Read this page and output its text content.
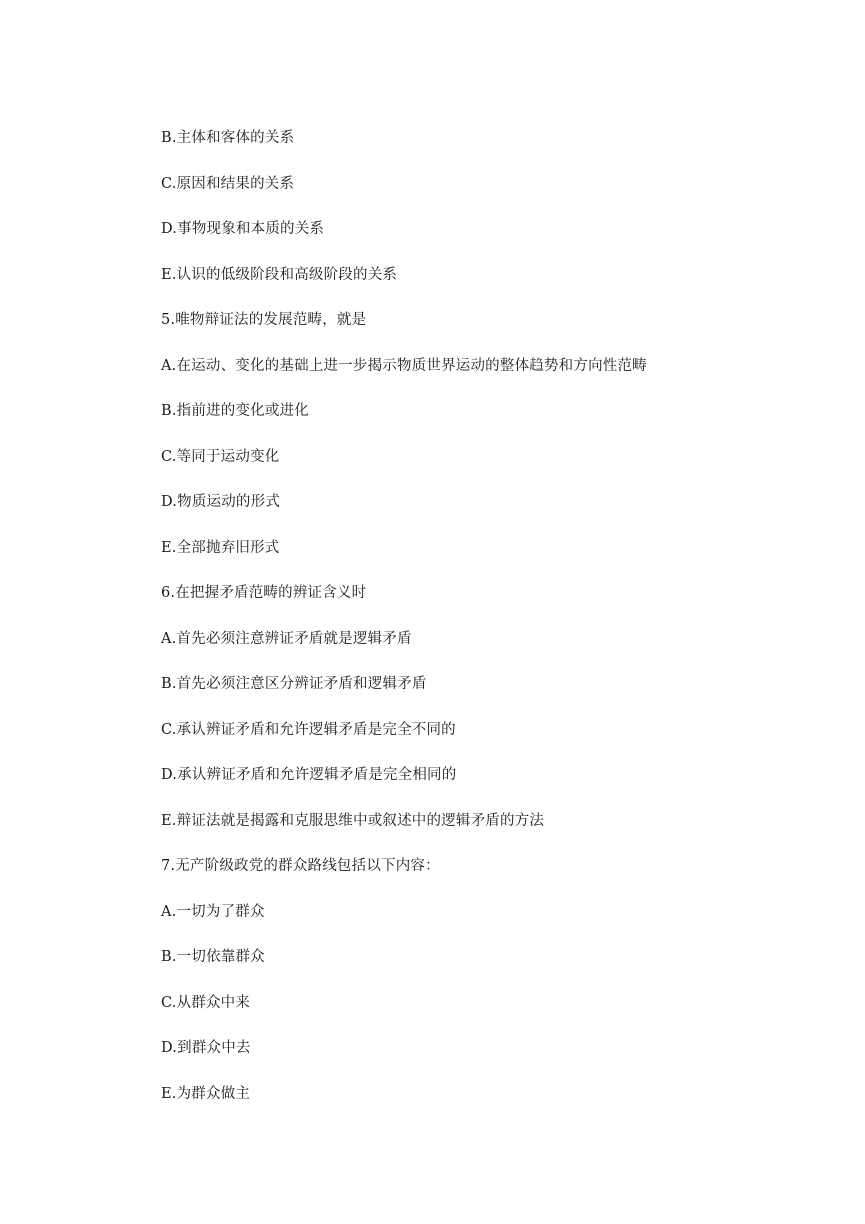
B.主体和客体的关系
C.原因和结果的关系
D.事物现象和本质的关系
E.认识的低级阶段和高级阶段的关系
5.唯物辩证法的发展范畴，就是
A.在运动、变化的基础上进一步揭示物质世界运动的整体趋势和方向性范畴
B.指前进的变化或进化
C.等同于运动变化
D.物质运动的形式
E.全部抛弃旧形式
6.在把握矛盾范畴的辨证含义时
A.首先必须注意辨证矛盾就是逻辑矛盾
B.首先必须注意区分辨证矛盾和逻辑矛盾
C.承认辨证矛盾和允许逻辑矛盾是完全不同的
D.承认辨证矛盾和允许逻辑矛盾是完全相同的
E.辩证法就是揭露和克服思维中或叙述中的逻辑矛盾的方法
7.无产阶级政党的群众路线包括以下内容：
A.一切为了群众
B.一切依靠群众
C.从群众中来
D.到群众中去
E.为群众做主
